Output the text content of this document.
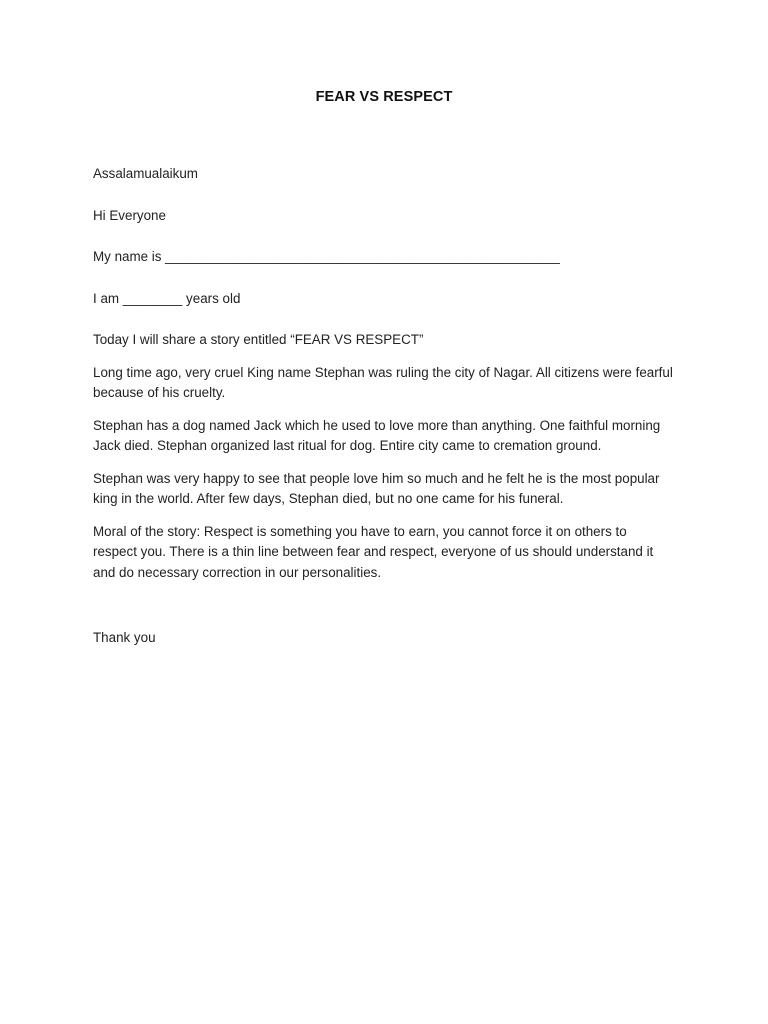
FEAR VS RESPECT

Assalamualaikum

Hi Everyone

My name is _____________________________________________________

I am ________ years old

Today I will share a story entitled “FEAR VS RESPECT”

Long time ago, very cruel King name Stephan was ruling the city of Nagar. All citizens were fearful because of his cruelty.

Stephan has a dog named Jack which he used to love more than anything. One faithful morning Jack died. Stephan organized last ritual for dog. Entire city came to cremation ground.

Stephan was very happy to see that people love him so much and he felt he is the most popular king in the world. After few days, Stephan died, but no one came for his funeral.

Moral of the story: Respect is something you have to earn, you cannot force it on others to respect you. There is a thin line between fear and respect, everyone of us should understand it and do necessary correction in our personalities.

Thank you
